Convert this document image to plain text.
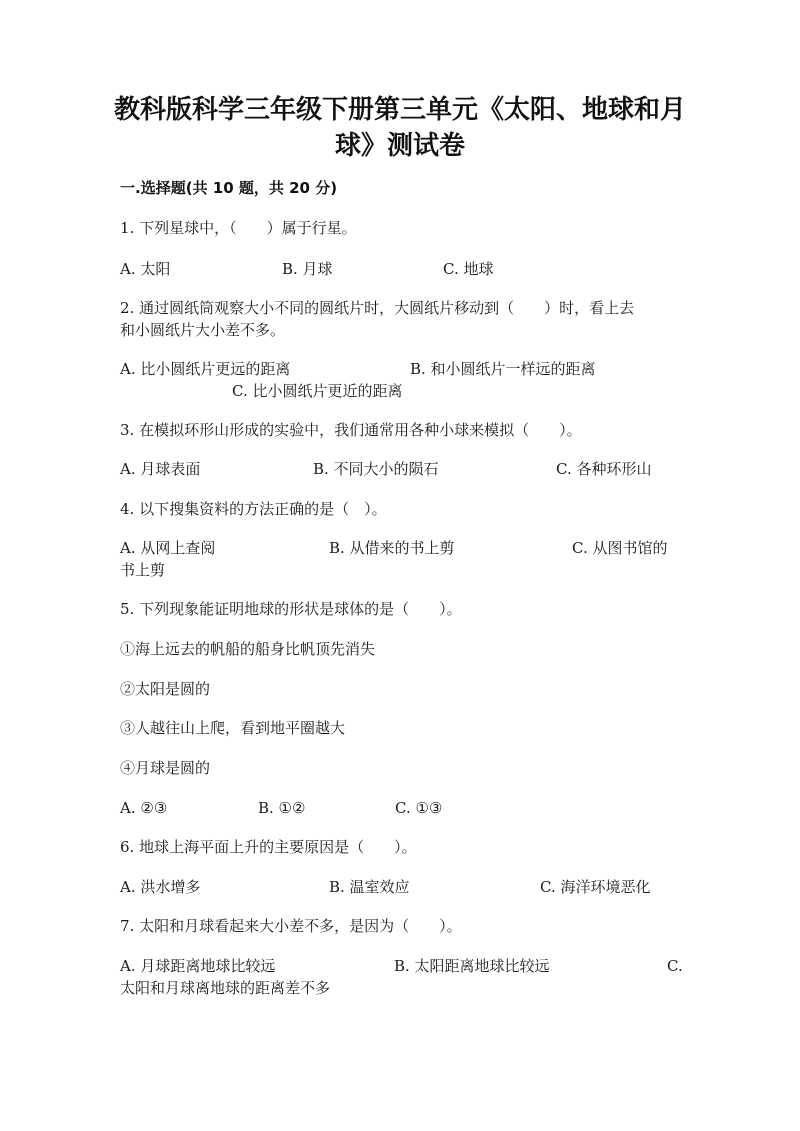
教科版科学三年级下册第三单元《太阳、地球和月
球》测试卷
一.选择题(共 10 题，共 20 分)
1. 下列星球中，（　　）属于行星。
A. 太阳	B. 月球	C. 地球
2. 通过圆纸筒观察大小不同的圆纸片时，大圆纸片移动到（　　）时，看上去
和小圆纸片大小差不多。
A. 比小圆纸片更远的距离	B. 和小圆纸片一样远的距离
C. 比小圆纸片更近的距离
3. 在模拟环形山形成的实验中，我们通常用各种小球来模拟（　　）。
A. 月球表面	B. 不同大小的陨石	C. 各种环形山
4. 以下搜集资料的方法正确的是（　）。
A. 从网上查阅	B. 从借来的书上剪	C. 从图书馆的
书上剪
5. 下列现象能证明地球的形状是球体的是（　　）。
①海上远去的帆船的船身比帆顶先消失
②太阳是圆的
③人越往山上爬，看到地平圈越大
④月球是圆的
A. ②③	B. ①②	C. ①③
6. 地球上海平面上升的主要原因是（　　）。
A. 洪水增多	B. 温室效应	C. 海洋环境恶化
7. 太阳和月球看起来大小差不多，是因为（　　）。
A. 月球距离地球比较远	B. 太阳距离地球比较远	C.
太阳和月球离地球的距离差不多
